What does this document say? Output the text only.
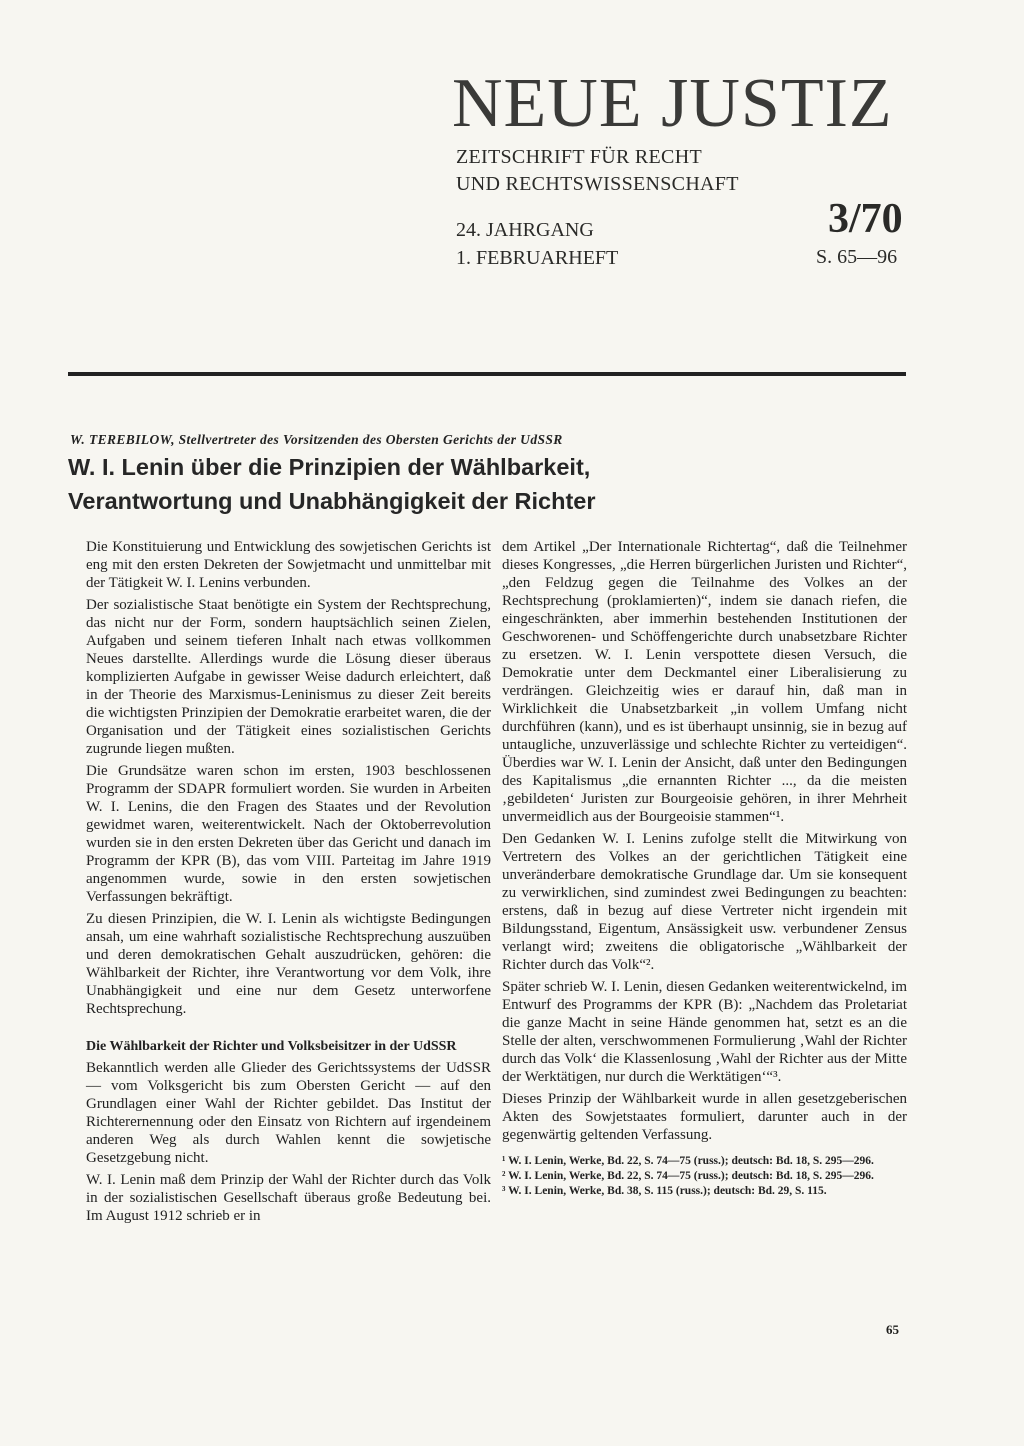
NEUE JUSTIZ
ZEITSCHRIFT FÜR RECHT
UND RECHTSWISSENSCHAFT
24. JAHRGANG
1. FEBRUARHEFT
3/70
S. 65—96
W. TEREBILOW, Stellvertreter des Vorsitzenden des Obersten Gerichts der UdSSR
W. I. Lenin über die Prinzipien der Wählbarkeit,
Verantwortung und Unabhängigkeit der Richter

Die Konstituierung und Entwicklung des sowjetischen Gerichts ist eng mit den ersten Dekreten der Sowjetmacht und unmittelbar mit der Tätigkeit W. I. Lenins verbunden.

Der sozialistische Staat benötigte ein System der Rechtsprechung, das nicht nur der Form, sondern hauptsächlich seinen Zielen, Aufgaben und seinem tieferen Inhalt nach etwas vollkommen Neues darstellte. Allerdings wurde die Lösung dieser überaus komplizierten Aufgabe in gewisser Weise dadurch erleichtert, daß in der Theorie des Marxismus-Leninismus zu dieser Zeit bereits die wichtigsten Prinzipien der Demokratie erarbeitet waren, die der Organisation und der Tätigkeit eines sozialistischen Gerichts zugrunde liegen mußten.

Die Grundsätze waren schon im ersten, 1903 beschlossenen Programm der SDAPR formuliert worden. Sie wurden in Arbeiten W. I. Lenins, die den Fragen des Staates und der Revolution gewidmet waren, weiterentwickelt. Nach der Oktoberrevolution wurden sie in den ersten Dekreten über das Gericht und danach im Programm der KPR (B), das vom VIII. Parteitag im Jahre 1919 angenommen wurde, sowie in den ersten sowjetischen Verfassungen bekräftigt.

Zu diesen Prinzipien, die W. I. Lenin als wichtigste Bedingungen ansah, um eine wahrhaft sozialistische Rechtsprechung auszuüben und deren demokratischen Gehalt auszudrücken, gehören: die Wählbarkeit der Richter, ihre Verantwortung vor dem Volk, ihre Unabhängigkeit und eine nur dem Gesetz unterworfene Rechtsprechung.

Die Wählbarkeit der Richter und Volksbeisitzer in der UdSSR

Bekanntlich werden alle Glieder des Gerichtssystems der UdSSR — vom Volksgericht bis zum Obersten Gericht — auf den Grundlagen einer Wahl der Richter gebildet. Das Institut der Richterernennung oder den Einsatz von Richtern auf irgendeinem anderen Weg als durch Wahlen kennt die sowjetische Gesetzgebung nicht.

W. I. Lenin maß dem Prinzip der Wahl der Richter durch das Volk in der sozialistischen Gesellschaft überaus große Bedeutung bei. Im August 1912 schrieb er in

dem Artikel „Der Internationale Richtertag“, daß die Teilnehmer dieses Kongresses, „die Herren bürgerlichen Juristen und Richter“, „den Feldzug gegen die Teilnahme des Volkes an der Rechtsprechung (proklamierten)“, indem sie danach riefen, die eingeschränkten, aber immerhin bestehenden Institutionen der Geschworenen- und Schöffengerichte durch unabsetzbare Richter zu ersetzen. W. I. Lenin verspottete diesen Versuch, die Demokratie unter dem Deckmantel einer Liberalisierung zu verdrängen. Gleichzeitig wies er darauf hin, daß man in Wirklichkeit die Unabsetzbarkeit „in vollem Umfang nicht durchführen (kann), und es ist überhaupt unsinnig, sie in bezug auf untaugliche, unzuverlässige und schlechte Richter zu verteidigen“. Überdies war W. I. Lenin der Ansicht, daß unter den Bedingungen des Kapitalismus „die ernannten Richter ..., da die meisten ‚gebildeten‘ Juristen zur Bourgeoisie gehören, in ihrer Mehrheit unvermeidlich aus der Bourgeoisie stammen“¹.

Den Gedanken W. I. Lenins zufolge stellt die Mitwirkung von Vertretern des Volkes an der gerichtlichen Tätigkeit eine unveränderbare demokratische Grundlage dar. Um sie konsequent zu verwirklichen, sind zumindest zwei Bedingungen zu beachten: erstens, daß in bezug auf diese Vertreter nicht irgendein mit Bildungsstand, Eigentum, Ansässigkeit usw. verbundener Zensus verlangt wird; zweitens die obligatorische „Wählbarkeit der Richter durch das Volk“².

Später schrieb W. I. Lenin, diesen Gedanken weiterentwickelnd, im Entwurf des Programms der KPR (B): „Nachdem das Proletariat die ganze Macht in seine Hände genommen hat, setzt es an die Stelle der alten, verschwommenen Formulierung ‚Wahl der Richter durch das Volk‘ die Klassenlosung ‚Wahl der Richter aus der Mitte der Werktätigen, nur durch die Werktätigen‘“³.

Dieses Prinzip der Wählbarkeit wurde in allen gesetzgeberischen Akten des Sowjetstaates formuliert, darunter auch in der gegenwärtig geltenden Verfassung.

¹ W. I. Lenin, Werke, Bd. 22, S. 74—75 (russ.); deutsch: Bd. 18, S. 295—296.
² W. I. Lenin, Werke, Bd. 22, S. 74—75 (russ.); deutsch: Bd. 18, S. 295—296.
³ W. I. Lenin, Werke, Bd. 38, S. 115 (russ.); deutsch: Bd. 29, S. 115.
65
